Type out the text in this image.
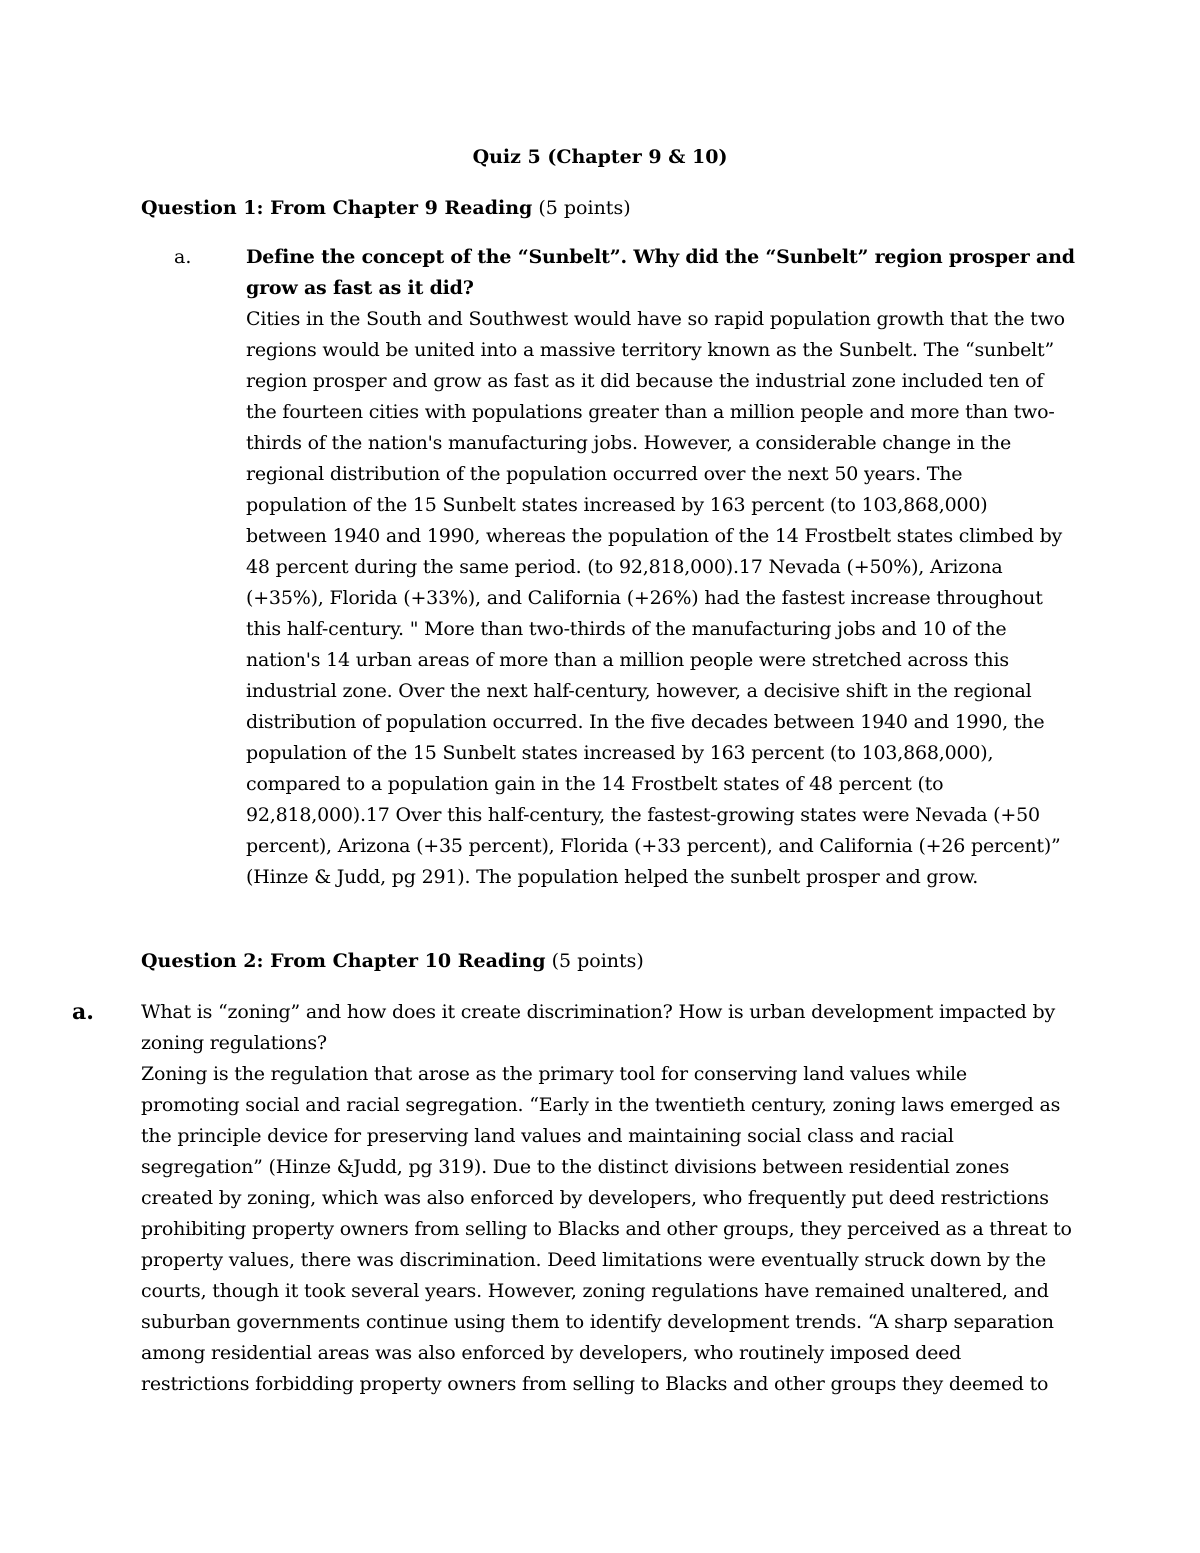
Quiz 5 (Chapter 9 & 10)
Question 1: From Chapter 9 Reading (5 points)
a.	Define the concept of the “Sunbelt”. Why did the “Sunbelt” region prosper and
grow as fast as it did?
Cities in the South and Southwest would have so rapid population growth that the two
regions would be united into a massive territory known as the Sunbelt. The “sunbelt”
region prosper and grow as fast as it did because the industrial zone included ten of
the fourteen cities with populations greater than a million people and more than two-
thirds of the nation's manufacturing jobs. However, a considerable change in the
regional distribution of the population occurred over the next 50 years. The
population of the 15 Sunbelt states increased by 163 percent (to 103,868,000)
between 1940 and 1990, whereas the population of the 14 Frostbelt states climbed by
48 percent during the same period. (to 92,818,000).17 Nevada (+50%), Arizona
(+35%), Florida (+33%), and California (+26%) had the fastest increase throughout
this half-century. " More than two-thirds of the manufacturing jobs and 10 of the
nation's 14 urban areas of more than a million people were stretched across this
industrial zone. Over the next half-century, however, a decisive shift in the regional
distribution of population occurred. In the five decades between 1940 and 1990, the
population of the 15 Sunbelt states increased by 163 percent (to 103,868,000),
compared to a population gain in the 14 Frostbelt states of 48 percent (to
92,818,000).17 Over this half-century, the fastest-growing states were Nevada (+50
percent), Arizona (+35 percent), Florida (+33 percent), and California (+26 percent)”
(Hinze & Judd, pg 291). The population helped the sunbelt prosper and grow.
Question 2: From Chapter 10 Reading (5 points)
a. What is “zoning” and how does it create discrimination? How is urban development impacted by
zoning regulations?
Zoning is the regulation that arose as the primary tool for conserving land values while
promoting social and racial segregation. “Early in the twentieth century, zoning laws emerged as
the principle device for preserving land values and maintaining social class and racial
segregation” (Hinze &Judd, pg 319). Due to the distinct divisions between residential zones
created by zoning, which was also enforced by developers, who frequently put deed restrictions
prohibiting property owners from selling to Blacks and other groups, they perceived as a threat to
property values, there was discrimination. Deed limitations were eventually struck down by the
courts, though it took several years. However, zoning regulations have remained unaltered, and
suburban governments continue using them to identify development trends. “A sharp separation
among residential areas was also enforced by developers, who routinely imposed deed
restrictions forbidding property owners from selling to Blacks and other groups they deemed to
